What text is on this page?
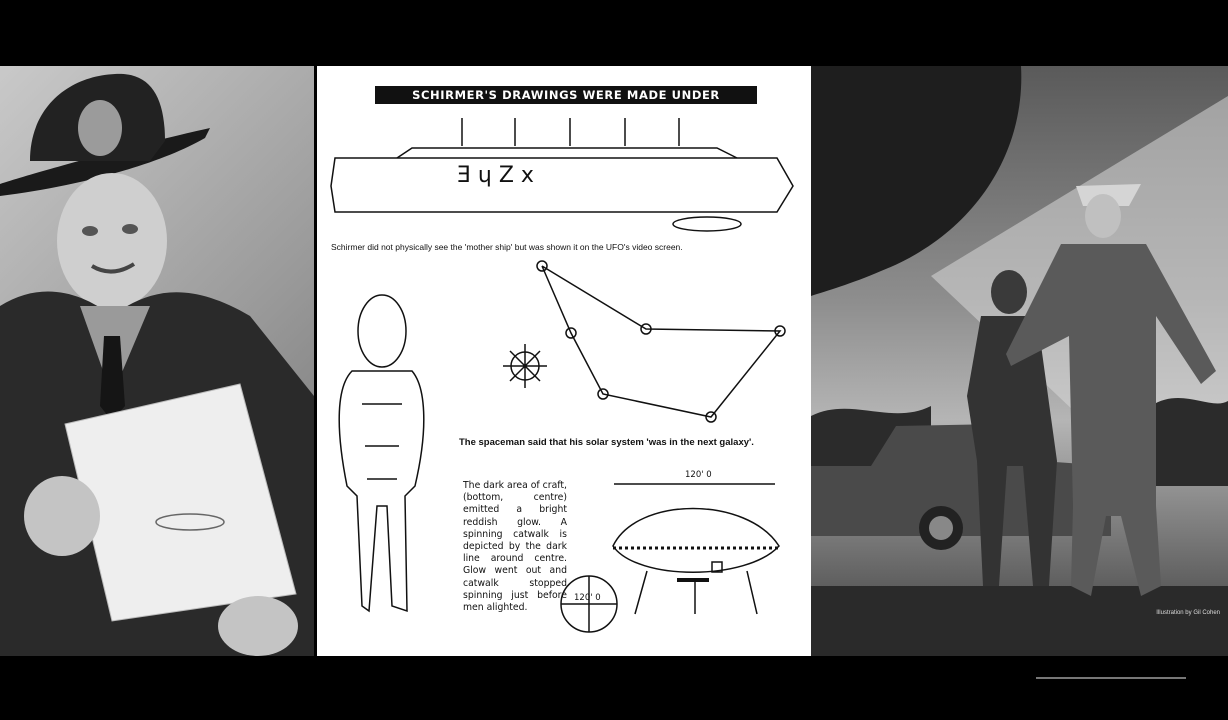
SCHIRMER'S DRAWINGS WERE MADE UNDER HYPNOSIS
Ǝ ɥ Z x
Schirmer did not physically see the 'mother ship' but was shown it on the UFO's video screen.
The spaceman said that his solar system 'was in the next galaxy'.
The dark area of craft, (bottom, centre) emitted a bright reddish glow. A spinning catwalk is depicted by the dark line around centre. Glow went out and catwalk stopped spinning just before men alighted.
120' 0
120' 0
Illustration by Gil Cohen
